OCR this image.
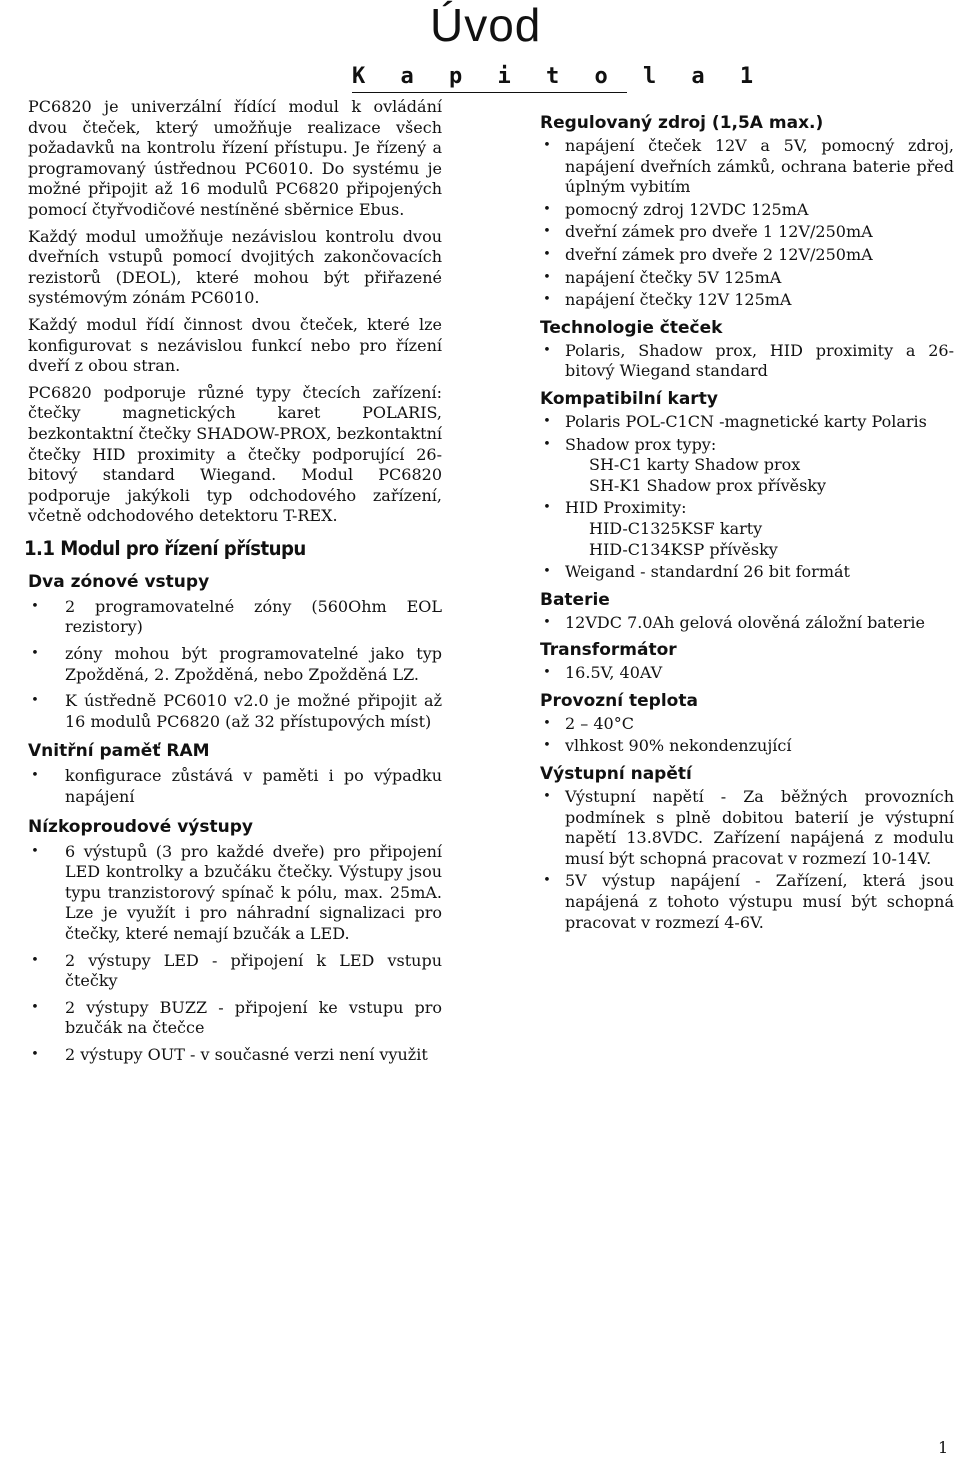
Úvod
K a p i t o l a 1

PC6820 je univerzální řídící modul k ovládání dvou čteček, který umožňuje realizace všech požadavků na kontrolu řízení přístupu. Je řízený a programovaný ústřednou PC6010. Do systému je možné připojit až 16 modulů PC6820 připojených pomocí čtyřvodičové nestíněné sběrnice Ebus.

Každý modul umožňuje nezávislou kontrolu dvou dveřních vstupů pomocí dvojitých zakončovacích rezistorů (DEOL), které mohou být přiřazené systémovým zónám PC6010.

Každý modul řídí činnost dvou čteček, které lze konfigurovat s nezávislou funkcí nebo pro řízení dveří z obou stran.

PC6820 podporuje různé typy čtecích zařízení: čtečky magnetických karet POLARIS, bezkontaktní čtečky SHADOW-PROX, bezkontaktní čtečky HID proximity a čtečky podporující 26-bitový standard Wiegand. Modul PC6820 podporuje jakýkoli typ odchodového zařízení, včetně odchodového detektoru T-REX.

1.1 Modul pro řízení přístupu
Dva zónové vstupy
• 2 programovatelné zóny (560Ohm EOL rezistory)
• zóny mohou být programovatelné jako typ Zpožděná, 2. Zpožděná, nebo Zpožděná LZ.
• K ústředně PC6010 v2.0 je možné připojit až 16 modulů PC6820 (až 32 přístupových míst)
Vnitřní paměť RAM
• konfigurace zůstává v paměti i po výpadku napájení
Nízkoproudové výstupy
• 6 výstupů (3 pro každé dveře) pro připojení LED kontrolky a bzučáku čtečky. Výstupy jsou typu tranzistorový spínač k pólu, max. 25mA. Lze je využít i pro náhradní signalizaci pro čtečky, které nemají bzučák a LED.
• 2 výstupy LED - připojení k LED vstupu čtečky
• 2 výstupy BUZZ - připojení ke vstupu pro bzučák na čtečce
• 2 výstupy OUT - v současné verzi není využit
Regulovaný zdroj (1,5A max.)
• napájení čteček 12V a 5V, pomocný zdroj, napájení dveřních zámků, ochrana baterie před úplným vybitím
• pomocný zdroj 12VDC 125mA
• dveřní zámek pro dveře 1 12V/250mA
• dveřní zámek pro dveře 2 12V/250mA
• napájení čtečky 5V 125mA
• napájení čtečky 12V 125mA
Technologie čteček
• Polaris, Shadow prox, HID proximity a 26-bitový Wiegand standard
Kompatibilní karty
• Polaris POL-C1CN -magnetické karty Polaris
• Shadow prox typy:
SH-C1 karty Shadow prox
SH-K1 Shadow prox přívěsky
• HID Proximity:
HID-C1325KSF karty
HID-C134KSP přívěsky
• Weigand - standardní 26 bit formát
Baterie
• 12VDC 7.0Ah gelová olověná záložní baterie
Transformátor
• 16.5V, 40AV
Provozní teplota
• 2 – 40°C
• vlhkost 90% nekondenzující
Výstupní napětí
• Výstupní napětí - Za běžných provozních podmínek s plně dobitou baterií je výstupní napětí 13.8VDC. Zařízení napájená z modulu musí být schopná pracovat v rozmezí 10-14V.
• 5V výstup napájení - Zařízení, která jsou napájená z tohoto výstupu musí být schopná pracovat v rozmezí 4-6V.
1
